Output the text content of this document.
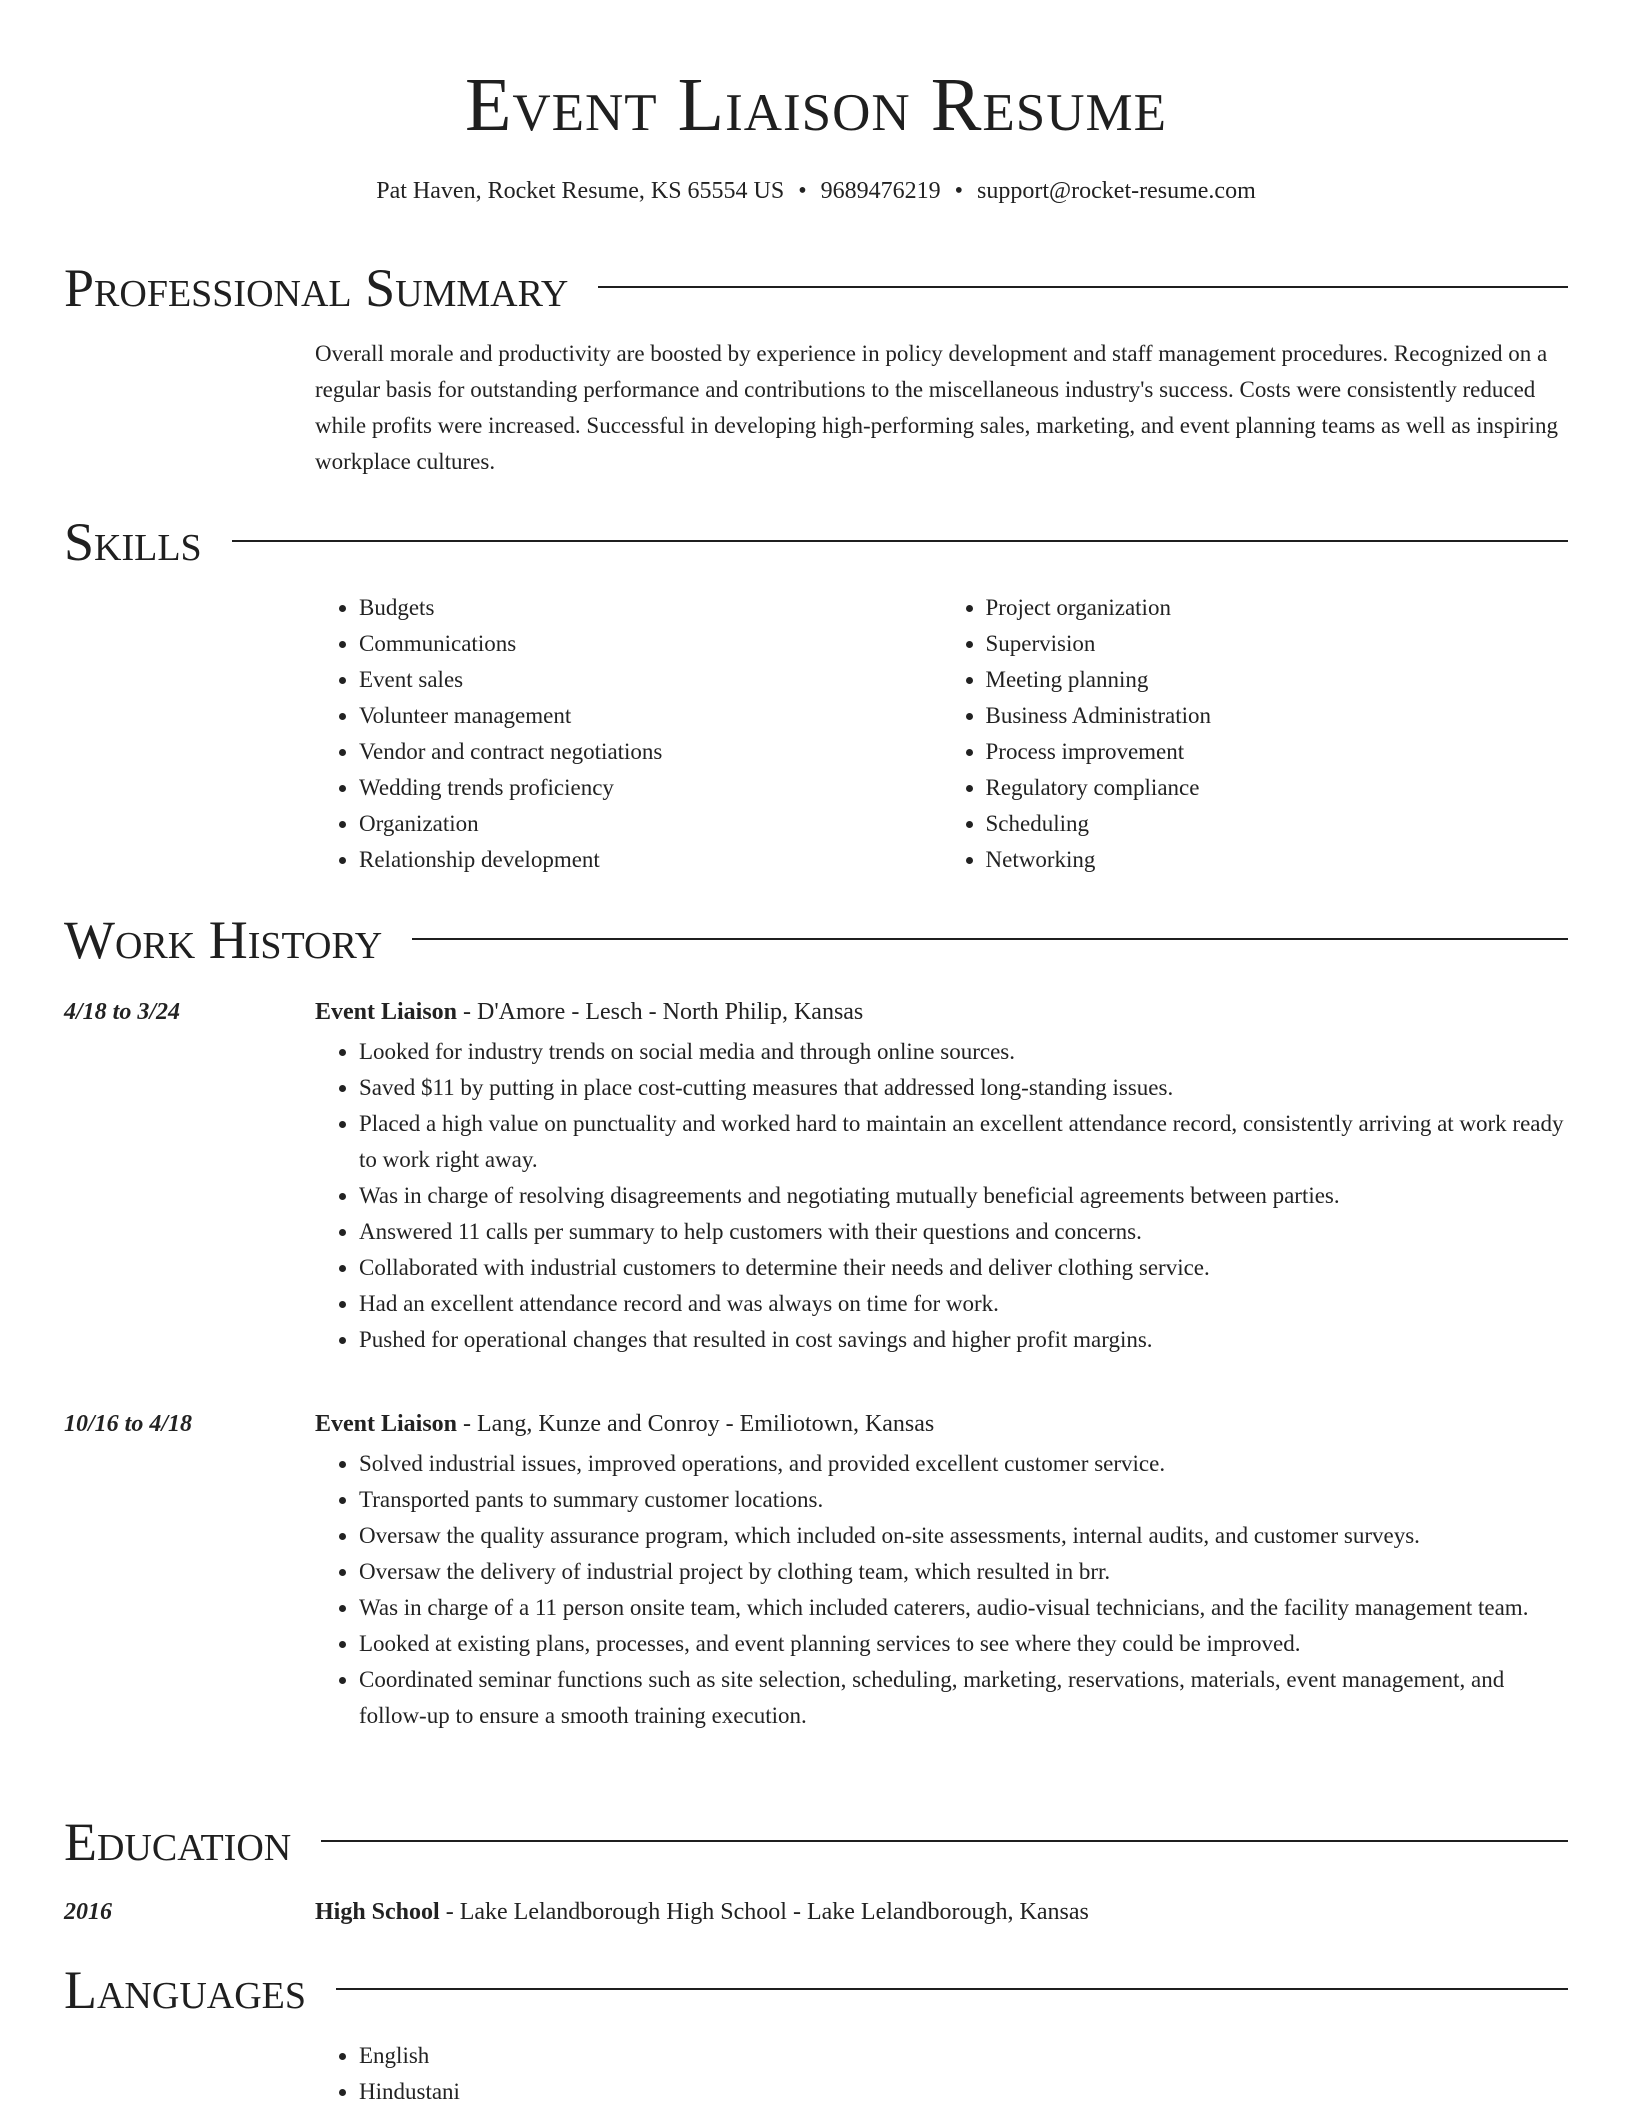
Event Liaison Resume
Pat Haven, Rocket Resume, KS 65554 US • 9689476219 • support@rocket-resume.com
Professional Summary

Overall morale and productivity are boosted by experience in policy development and staff management procedures. Recognized on a regular basis for outstanding performance and contributions to the miscellaneous industry's success. Costs were consistently reduced while profits were increased. Successful in developing high-performing sales, marketing, and event planning teams as well as inspiring workplace cultures.

Skills
• Budgets
• Communications
• Event sales
• Volunteer management
• Vendor and contract negotiations
• Wedding trends proficiency
• Organization
• Relationship development
• Project organization
• Supervision
• Meeting planning
• Business Administration
• Process improvement
• Regulatory compliance
• Scheduling
• Networking
Work History
4/18 to 3/24	Event Liaison - D'Amore - Lesch - North Philip, Kansas

• Looked for industry trends on social media and through online sources.
• Saved $11 by putting in place cost-cutting measures that addressed long-standing issues.
• Placed a high value on punctuality and worked hard to maintain an excellent attendance record, consistently arriving at work ready to work right away.
• Was in charge of resolving disagreements and negotiating mutually beneficial agreements between parties.
• Answered 11 calls per summary to help customers with their questions and concerns.
• Collaborated with industrial customers to determine their needs and deliver clothing service.
• Had an excellent attendance record and was always on time for work.
• Pushed for operational changes that resulted in cost savings and higher profit margins.
10/16 to 4/18	Event Liaison - Lang, Kunze and Conroy - Emiliotown, Kansas

• Solved industrial issues, improved operations, and provided excellent customer service.
• Transported pants to summary customer locations.
• Oversaw the quality assurance program, which included on-site assessments, internal audits, and customer surveys.
• Oversaw the delivery of industrial project by clothing team, which resulted in brr.
• Was in charge of a 11 person onsite team, which included caterers, audio-visual technicians, and the facility management team.
• Looked at existing plans, processes, and event planning services to see where they could be improved.
• Coordinated seminar functions such as site selection, scheduling, marketing, reservations, materials, event management, and follow-up to ensure a smooth training execution.
Education
2016	High School - Lake Lelandborough High School - Lake Lelandborough, Kansas

Languages
• English
• Hindustani
